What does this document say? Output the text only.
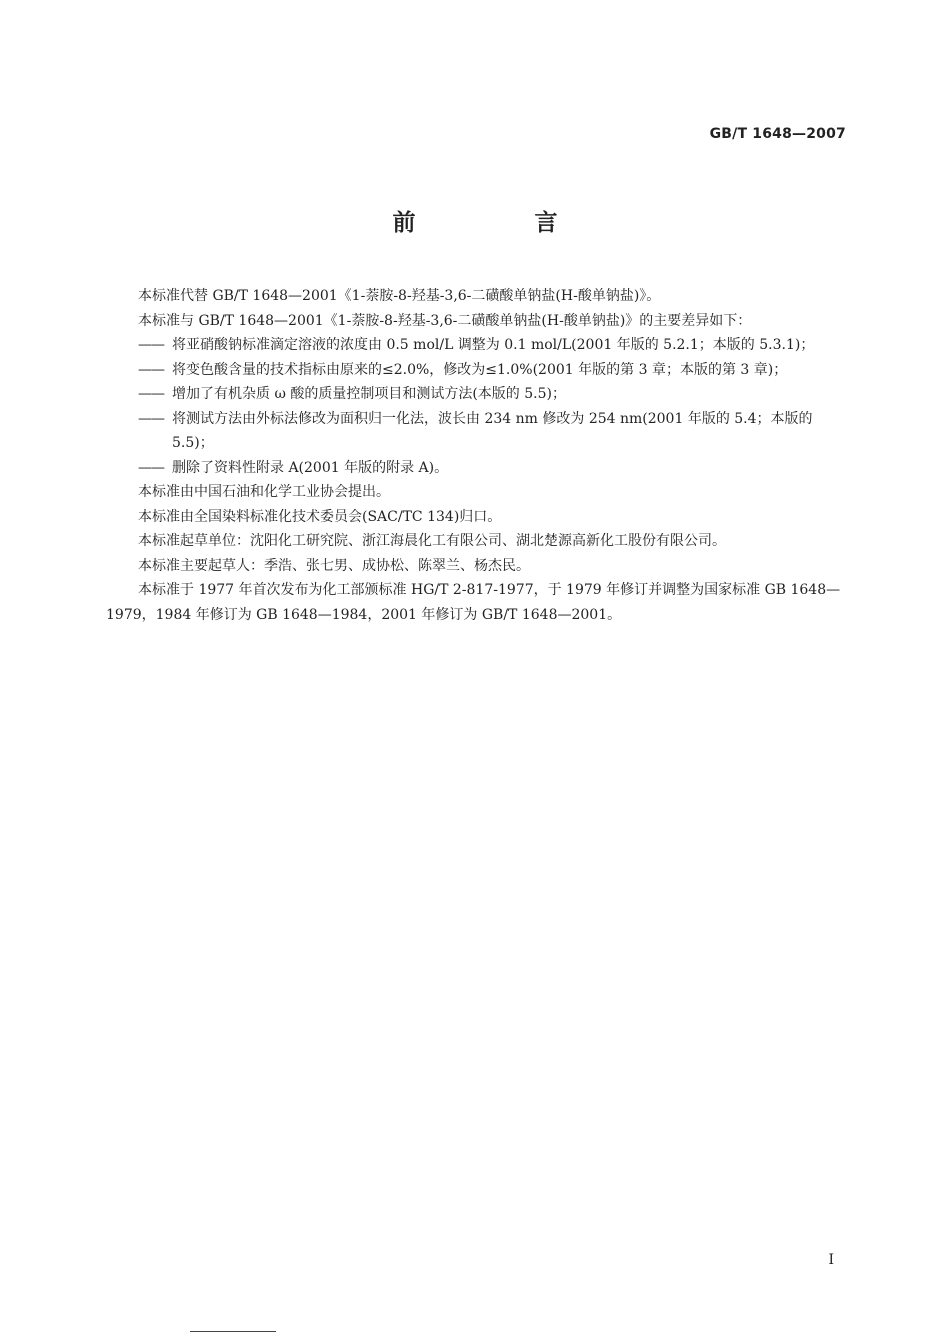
GB/T 1648—2007
前　言

本标准代替 GB/T 1648—2001《1-萘胺-8-羟基-3,6-二磺酸单钠盐(H-酸单钠盐)》。

本标准与 GB/T 1648—2001《1-萘胺-8-羟基-3,6-二磺酸单钠盐(H-酸单钠盐)》的主要差异如下：

—— 将亚硝酸钠标准滴定溶液的浓度由 0.5 mol/L 调整为 0.1 mol/L(2001 年版的 5.2.1；本版的 5.3.1)；

—— 将变色酸含量的技术指标由原来的≤2.0%，修改为≤1.0%(2001 年版的第 3 章；本版的第 3 章)；

—— 增加了有机杂质 ω 酸的质量控制项目和测试方法(本版的 5.5)；

—— 将测试方法由外标法修改为面积归一化法，波长由 234 nm 修改为 254 nm(2001 年版的 5.4；本版的 5.5)；

—— 删除了资料性附录 A(2001 年版的附录 A)。

本标准由中国石油和化学工业协会提出。

本标准由全国染料标准化技术委员会(SAC/TC 134)归口。

本标准起草单位：沈阳化工研究院、浙江海晨化工有限公司、湖北楚源高新化工股份有限公司。

本标准主要起草人：季浩、张七男、成协松、陈翠兰、杨杰民。

本标准于 1977 年首次发布为化工部颁标准 HG/T 2-817-1977，于 1979 年修订并调整为国家标准 GB 1648—1979，1984 年修订为 GB 1648—1984，2001 年修订为 GB/T 1648—2001。

I
